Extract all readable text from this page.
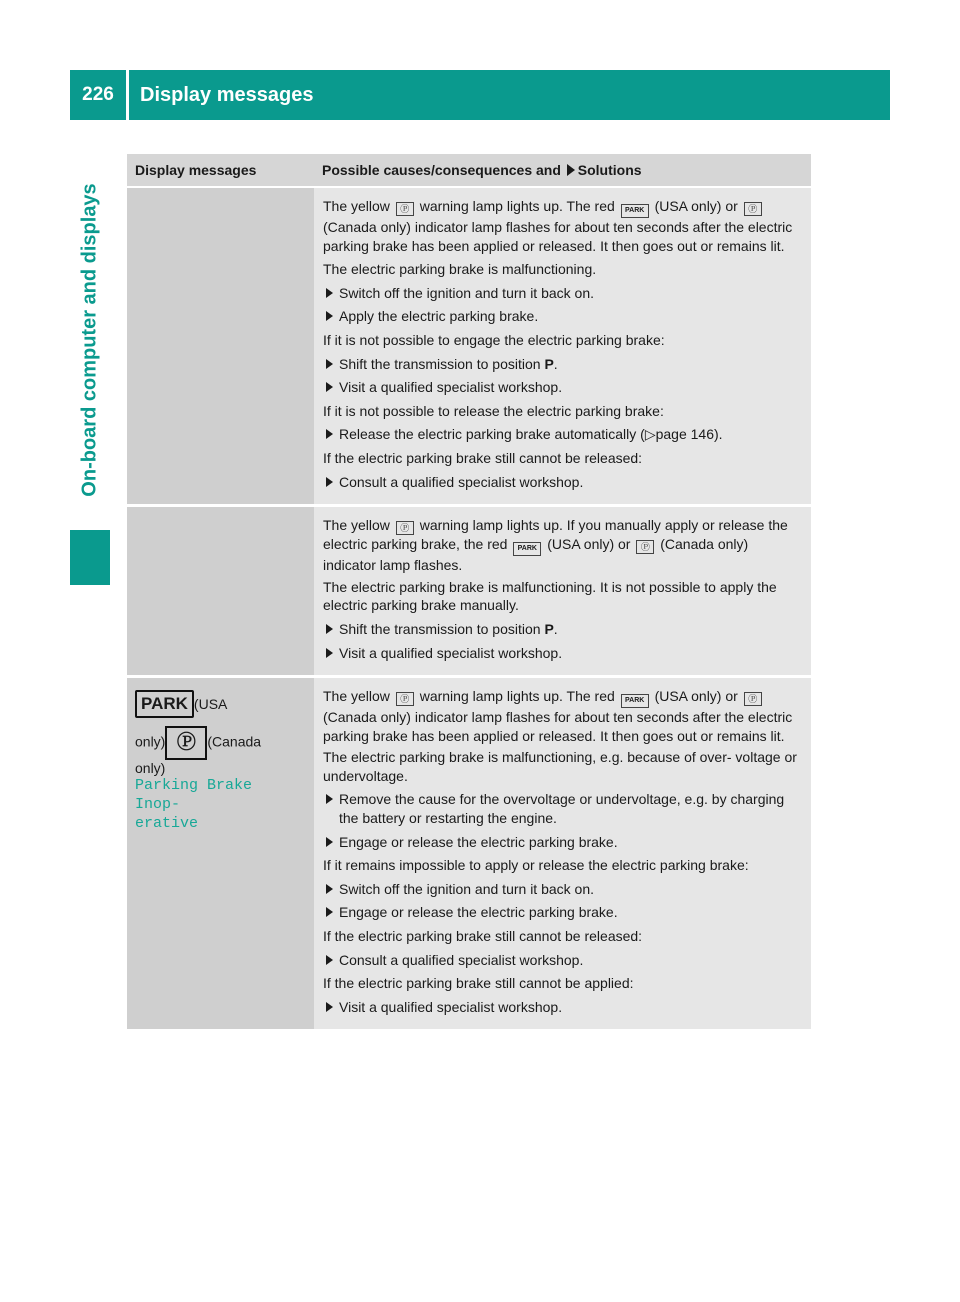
226	Display messages
On-board computer and displays
Display messages	Possible causes/consequences and Solutions

The yellow Ⓟ warning lamp lights up. The red PARK (USA only) or Ⓟ (Canada only) indicator lamp flashes for about ten seconds after the electric parking brake has been applied or released. It then goes out or remains lit.

The electric parking brake is malfunctioning.

Switch off the ignition and turn it back on.
Apply the electric parking brake.

If it is not possible to engage the electric parking brake:

Shift the transmission to position P.
Visit a qualified specialist workshop.

If it is not possible to release the electric parking brake:

Release the electric parking brake automatically (▷page 146).

If the electric parking brake still cannot be released:

Consult a qualified specialist workshop.

The yellow Ⓟ warning lamp lights up. If you manually apply or release the electric parking brake, the red PARK (USA only) or Ⓟ (Canada only) indicator lamp flashes.

The electric parking brake is malfunctioning. It is not possible to apply the electric parking brake manually.

Shift the transmission to position P.
Visit a qualified specialist workshop.
PARK (USA
only) Ⓟ (Canada
only)
Parking Brake Inop‑
erative

The yellow Ⓟ warning lamp lights up. The red PARK (USA only) or Ⓟ (Canada only) indicator lamp flashes for about ten seconds after the electric parking brake has been applied or released. It then goes out or remains lit.

The electric parking brake is malfunctioning, e.g. because of over- voltage or undervoltage.

Remove the cause for the overvoltage or undervoltage, e.g. by charging the battery or restarting the engine.
Engage or release the electric parking brake.

If it remains impossible to apply or release the electric parking brake:

Switch off the ignition and turn it back on.
Engage or release the electric parking brake.

If the electric parking brake still cannot be released:

Consult a qualified specialist workshop.

If the electric parking brake still cannot be applied:

Visit a qualified specialist workshop.
